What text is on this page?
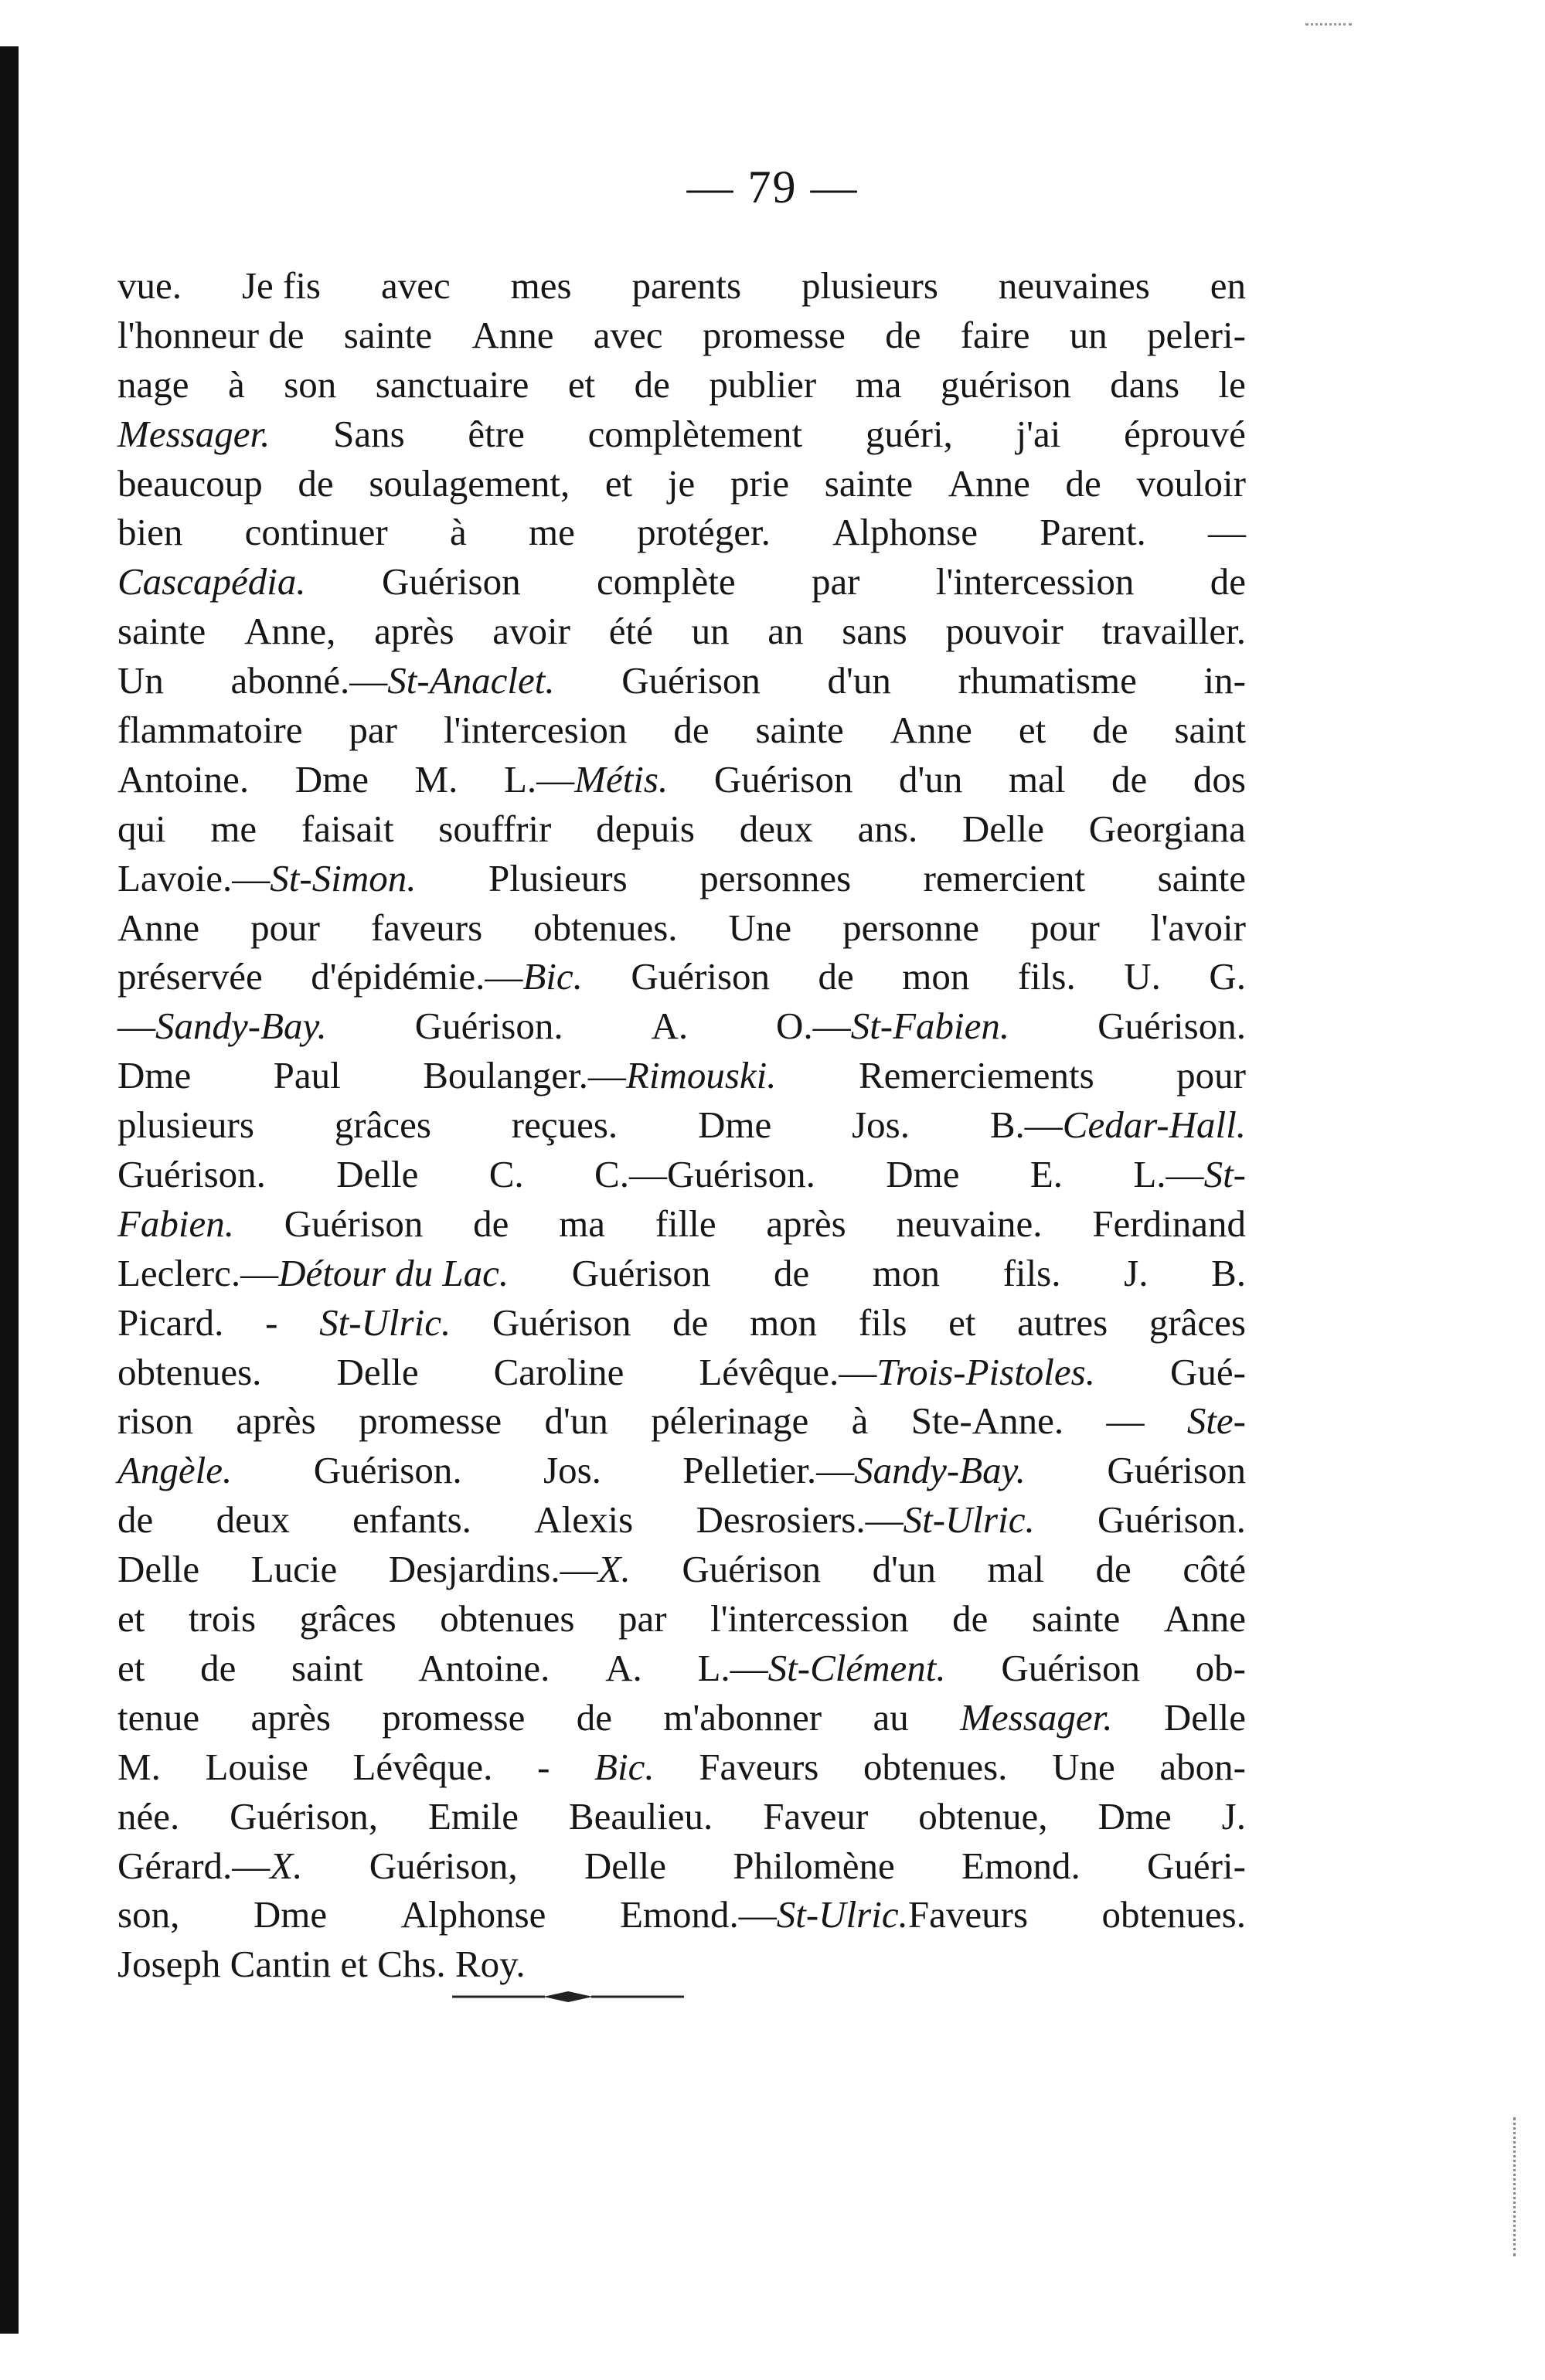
— 79 —
vue. Je fis avec mes parents plusieurs neuvaines en
l'honneur de sainte Anne avec promesse de faire un peleri-
nage à son sanctuaire et de publier ma guérison dans le
Messager. Sans être complètement guéri, j'ai éprouvé
beaucoup de soulagement, et je prie sainte Anne de vouloir
bien continuer à me protéger. Alphonse Parent. —
Cascapédia. Guérison complète par l'intercession de
sainte Anne, après avoir été un an sans pouvoir travailler.
Un abonné.—St-Anaclet. Guérison d'un rhumatisme in-
flammatoire par l'intercesion de sainte Anne et de saint
Antoine. Dme M. L.—Métis. Guérison d'un mal de dos
qui me faisait souffrir depuis deux ans. Delle Georgiana
Lavoie.—St-Simon. Plusieurs personnes remercient sainte
Anne pour faveurs obtenues. Une personne pour l'avoir
préservée d'épidémie.—Bic. Guérison de mon fils. U. G.
—Sandy-Bay. Guérison. A. O.—St-Fabien. Guérison.
Dme Paul Boulanger.—Rimouski. Remerciements pour
plusieurs grâces reçues. Dme Jos. B.—Cedar-Hall.
Guérison. Delle C. C.—Guérison. Dme E. L.—St-
Fabien. Guérison de ma fille après neuvaine. Ferdinand
Leclerc.—Détour du Lac. Guérison de mon fils. J. B.
Picard. - St-Ulric. Guérison de mon fils et autres grâces
obtenues. Delle Caroline Lévêque.—Trois-Pistoles. Gué-
rison après promesse d'un pélerinage à Ste-Anne. — Ste-
Angèle. Guérison. Jos. Pelletier.—Sandy-Bay. Guérison
de deux enfants. Alexis Desrosiers.—St-Ulric. Guérison.
Delle Lucie Desjardins.—X. Guérison d'un mal de côté
et trois grâces obtenues par l'intercession de sainte Anne
et de saint Antoine. A. L.—St-Clément. Guérison ob-
tenue après promesse de m'abonner au Messager. Delle
M. Louise Lévêque. - Bic. Faveurs obtenues. Une abon-
née. Guérison, Emile Beaulieu. Faveur obtenue, Dme J.
Gérard.—X. Guérison, Delle Philomène Emond. Guéri-
son, Dme Alphonse Emond.—St-Ulric.Faveurs obtenues.
Joseph Cantin et Chs. Roy.
